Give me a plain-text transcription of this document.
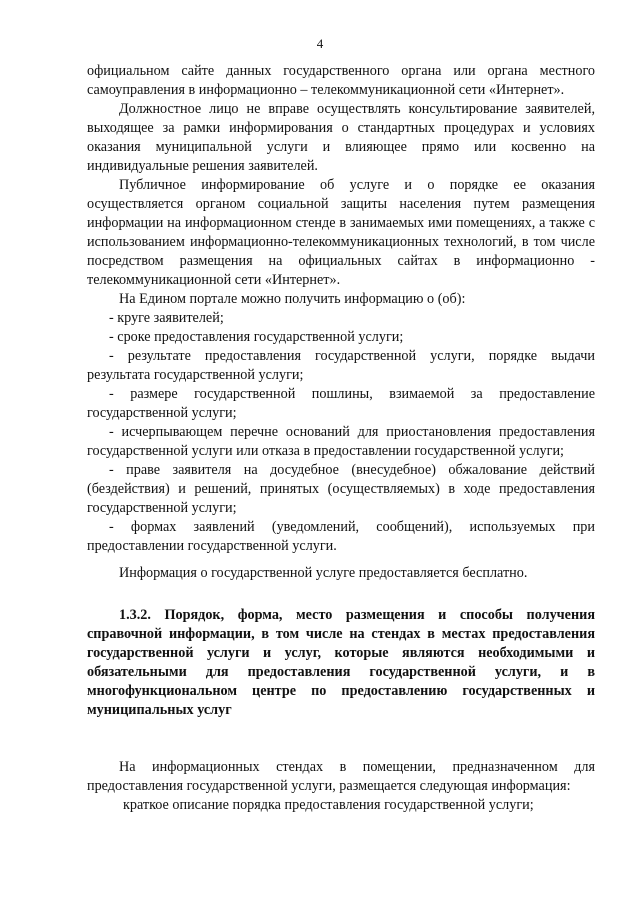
4

официальном сайте данных государственного органа или органа местного самоуправления в информационно – телекоммуникационной сети «Интернет».

Должностное лицо не вправе осуществлять консультирование заявителей, выходящее за рамки информирования о стандартных процедурах и условиях оказания муниципальной услуги и влияющее прямо или косвенно на индивидуальные решения заявителей.

Публичное информирование об услуге и о порядке ее оказания осуществляется органом социальной защиты населения путем размещения информации на информационном стенде в занимаемых ими помещениях, а также с использованием информационно-телекоммуникационных технологий, в том числе посредством размещения на официальных сайтах в информационно - телекоммуникационной сети «Интернет».

На Едином портале можно получить информацию о (об):

- круге заявителей;

- сроке предоставления государственной услуги;

- результате предоставления государственной услуги, порядке выдачи результата государственной услуги;

- размере государственной пошлины, взимаемой за предоставление государственной услуги;

- исчерпывающем перечне оснований для приостановления предоставления государственной услуги или отказа в предоставлении государственной услуги;

- праве заявителя на досудебное (внесудебное) обжалование действий (бездействия) и решений, принятых (осуществляемых) в ходе предоставления государственной услуги;

- формах заявлений (уведомлений, сообщений), используемых при предоставлении государственной услуги.

Информация о государственной услуге предоставляется бесплатно.

1.3.2. Порядок, форма, место размещения и способы получения справочной информации, в том числе на стендах в местах предоставления государственной услуги и услуг, которые являются необходимыми и обязательными для предоставления государственной услуги, и в многофункциональном центре по предоставлению государственных и муниципальных услуг

На информационных стендах в помещении, предназначенном для предоставления государственной услуги, размещается следующая информация:

краткое описание порядка предоставления государственной услуги;
